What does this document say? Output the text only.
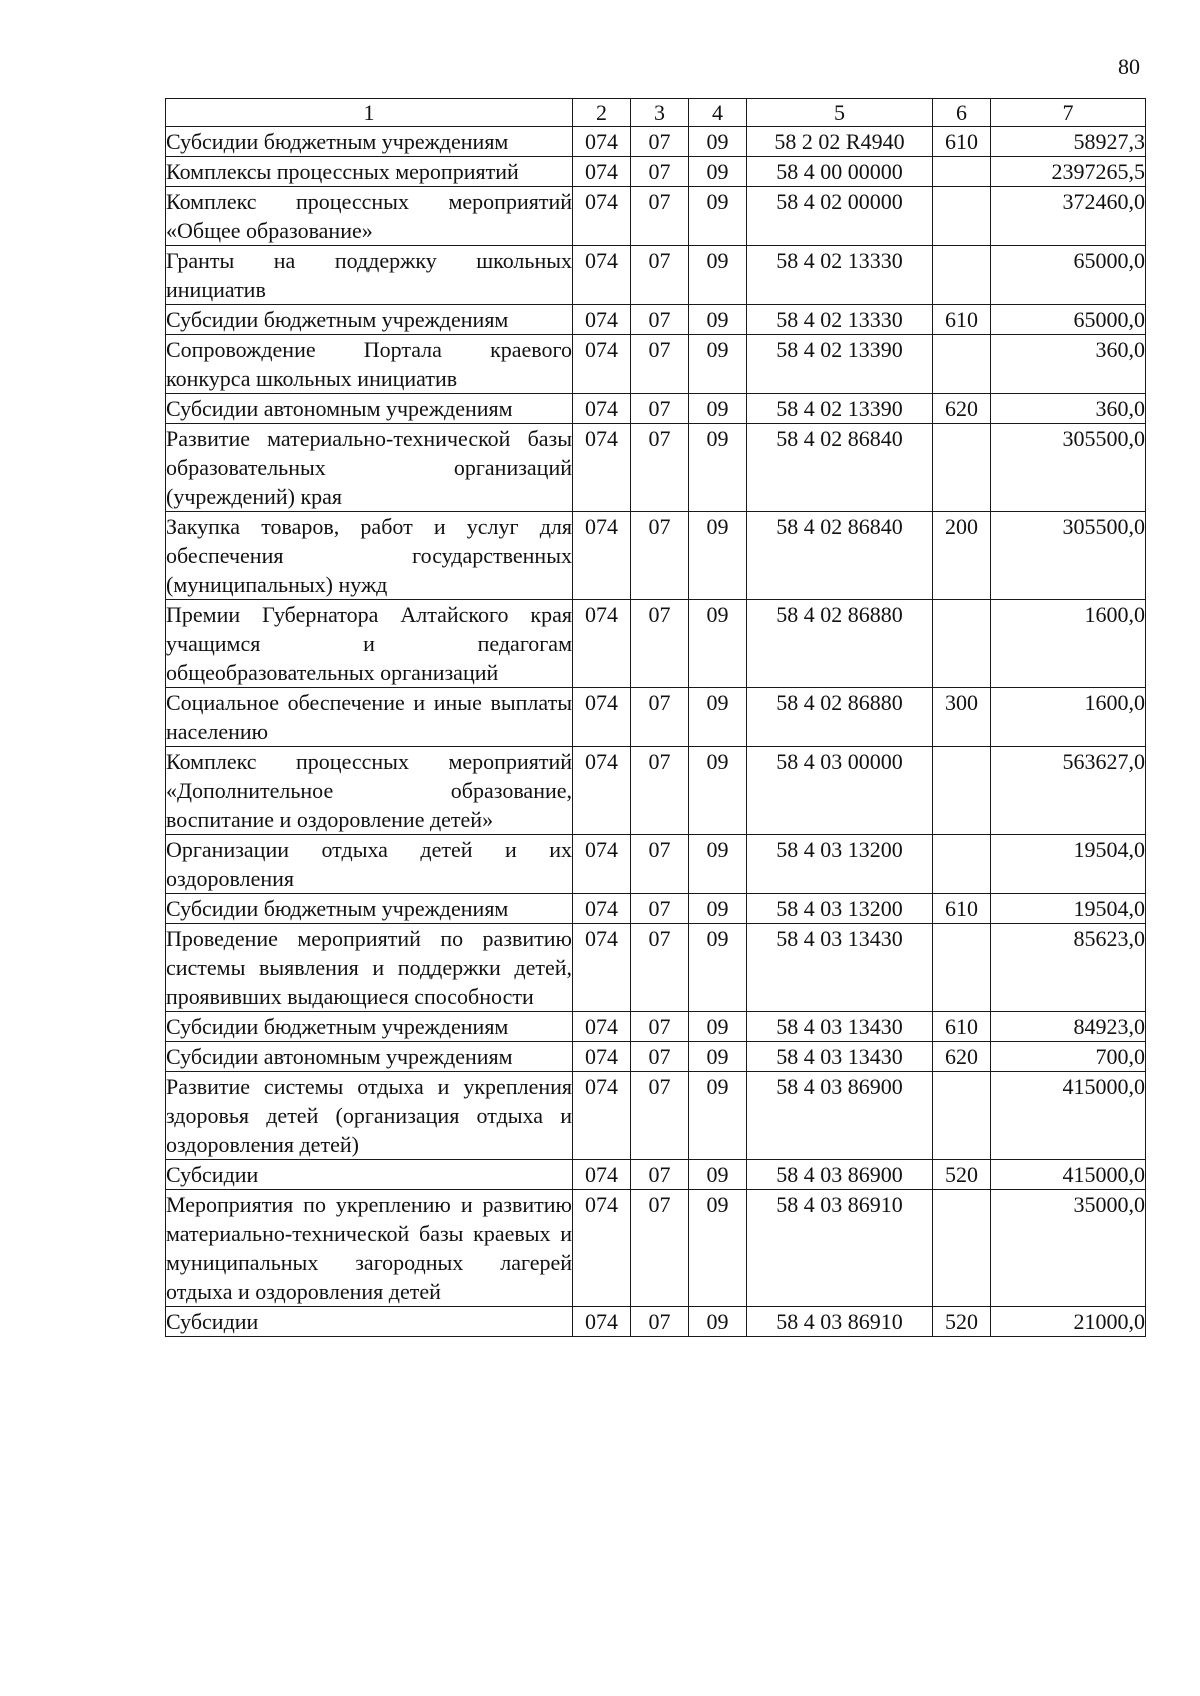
80
1	2	3	4	5	6	7
Субсидии бюджетным учреждениям	074	07	09	58 2 02 R4940	610	58927,3
Комплексы процессных мероприятий	074	07	09	58 4 00 00000		2397265,5
Комплекс процессных мероприятий «Общее образование»	074	07	09	58 4 02 00000		372460,0
Гранты на поддержку школьных инициатив	074	07	09	58 4 02 13330		65000,0
Субсидии бюджетным учреждениям	074	07	09	58 4 02 13330	610	65000,0
Сопровождение Портала краевого конкурса школьных инициатив	074	07	09	58 4 02 13390		360,0
Субсидии автономным учреждениям	074	07	09	58 4 02 13390	620	360,0
Развитие материально-технической базы образовательных организаций (учреждений) края	074	07	09	58 4 02 86840		305500,0
Закупка товаров, работ и услуг для обеспечения государственных (муниципальных) нужд	074	07	09	58 4 02 86840	200	305500,0
Премии Губернатора Алтайского края учащимся и педагогам общеобразовательных организаций	074	07	09	58 4 02 86880		1600,0
Социальное обеспечение и иные выплаты населению	074	07	09	58 4 02 86880	300	1600,0
Комплекс процессных мероприятий «Дополнительное образование, воспитание и оздоровление детей»	074	07	09	58 4 03 00000		563627,0
Организации отдыха детей и их оздоровления	074	07	09	58 4 03 13200		19504,0
Субсидии бюджетным учреждениям	074	07	09	58 4 03 13200	610	19504,0
Проведение мероприятий по развитию системы выявления и поддержки детей, проявивших выдающиеся способности	074	07	09	58 4 03 13430		85623,0
Субсидии бюджетным учреждениям	074	07	09	58 4 03 13430	610	84923,0
Субсидии автономным учреждениям	074	07	09	58 4 03 13430	620	700,0
Развитие системы отдыха и укрепления здоровья детей (организация отдыха и оздоровления детей)	074	07	09	58 4 03 86900		415000,0
Субсидии	074	07	09	58 4 03 86900	520	415000,0
Мероприятия по укреплению и развитию материально-технической базы краевых и муниципальных загородных лагерей отдыха и оздоровления детей	074	07	09	58 4 03 86910		35000,0
Субсидии	074	07	09	58 4 03 86910	520	21000,0
